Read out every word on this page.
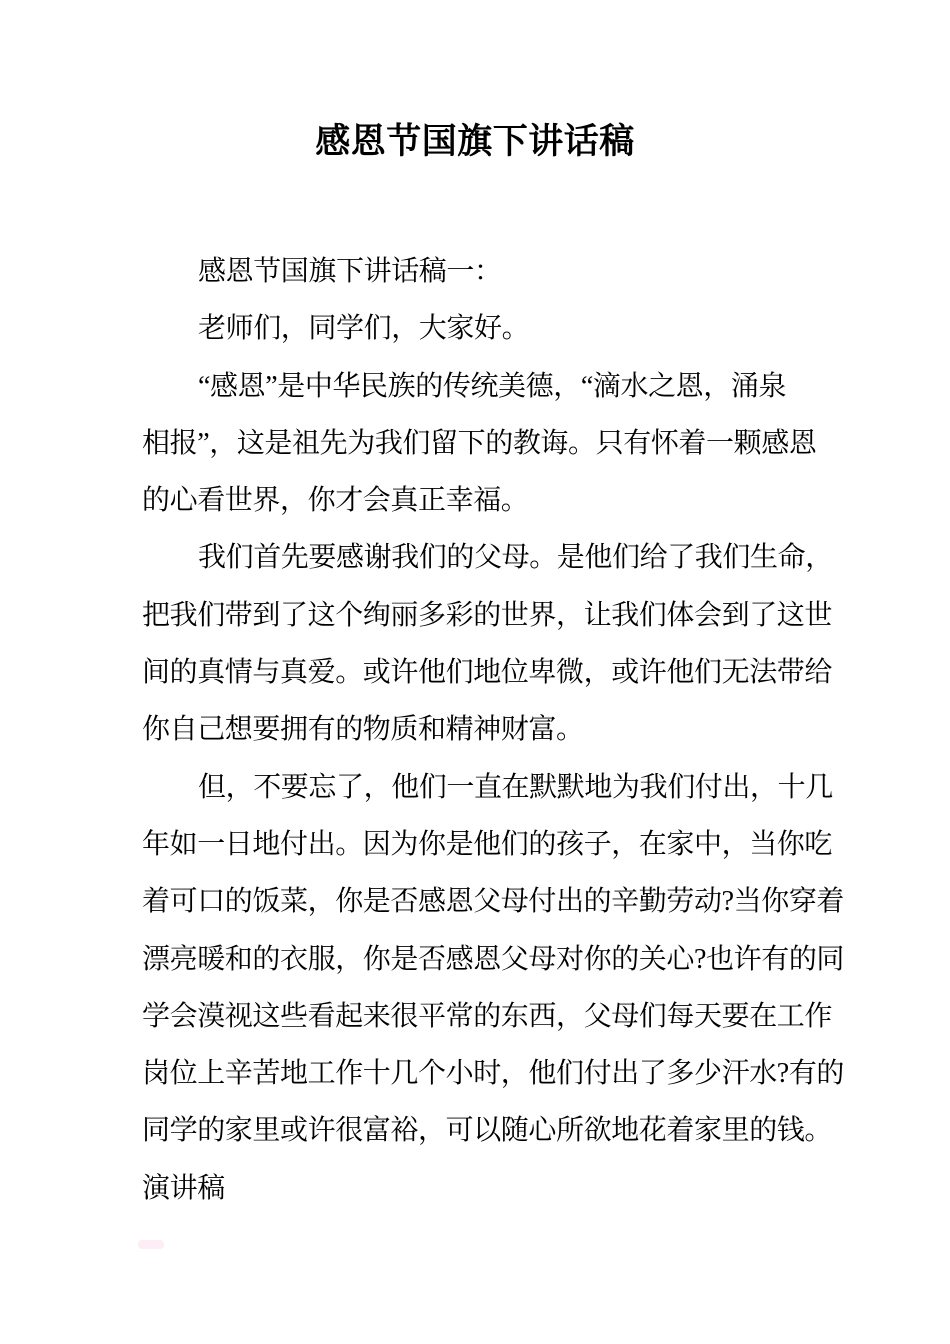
感恩节国旗下讲话稿
感恩节国旗下讲话稿一：
老师们，同学们，大家好。
“感恩”是中华民族的传统美德，“滴水之恩，涌泉
相报”，这是祖先为我们留下的教诲。只有怀着一颗感恩
的心看世界，你才会真正幸福。
我们首先要感谢我们的父母。是他们给了我们生命，
把我们带到了这个绚丽多彩的世界，让我们体会到了这世
间的真情与真爱。或许他们地位卑微，或许他们无法带给
你自己想要拥有的物质和精神财富。
但，不要忘了，他们一直在默默地为我们付出，十几
年如一日地付出。因为你是他们的孩子，在家中，当你吃
着可口的饭菜，你是否感恩父母付出的辛勤劳动?当你穿着
漂亮暖和的衣服，你是否感恩父母对你的关心?也许有的同
学会漠视这些看起来很平常的东西，父母们每天要在工作
岗位上辛苦地工作十几个小时，他们付出了多少汗水?有的
同学的家里或许很富裕，可以随心所欲地花着家里的钱。
演讲稿
